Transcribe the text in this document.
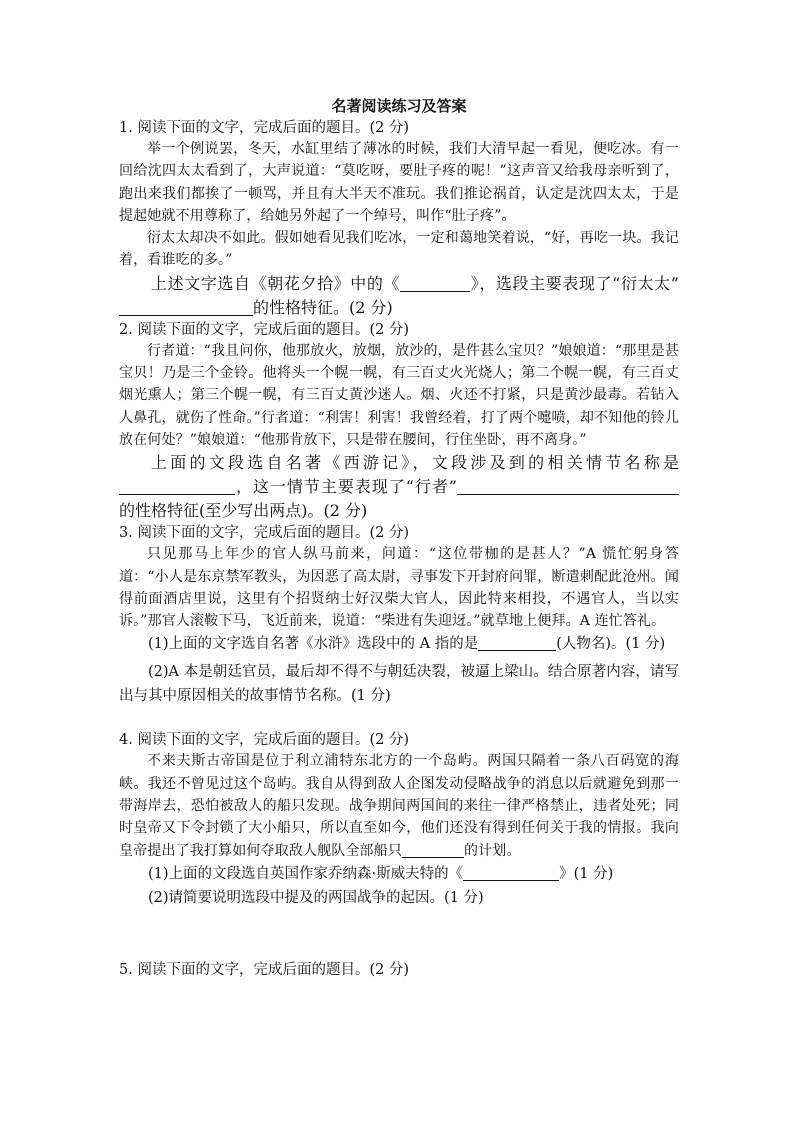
名著阅读练习及答案

1. 阅读下面的文字，完成后面的题目。(2 分)

举一个例说罢，冬天，水缸里结了薄冰的时候，我们大清早起一看见，便吃冰。有一回给沈四太太看到了，大声说道：“莫吃呀，要肚子疼的呢！”这声音又给我母亲听到了，跑出来我们都挨了一顿骂，并且有大半天不准玩。我们推论祸首，认定是沈四太太，于是提起她就不用尊称了，给她另外起了一个绰号，叫作“肚子疼”。

衍太太却决不如此。假如她看见我们吃冰，一定和蔼地笑着说，“好，再吃一块。我记着，看谁吃的多。”

上述文字选自《朝花夕拾》中的《	》，选段主要表现了“衍太太”的性格特征。(2 分)

2. 阅读下面的文字，完成后面的题目。(2 分)

行者道：“我且问你，他那放火，放烟，放沙的，是件甚么宝贝？”娘娘道：“那里是甚宝贝！乃是三个金铃。他将头一个幌一幌，有三百丈火光烧人；第二个幌一幌，有三百丈烟光熏人；第三个幌一幌，有三百丈黄沙迷人。烟、火还不打紧，只是黄沙最毒。若钻入人鼻孔，就伤了性命。”行者道：“利害！利害！我曾经着，打了两个嚏喷，却不知他的铃儿放在何处？”娘娘道：“他那肯放下，只是带在腰间，行住坐卧，再不离身。”

上面的文段选自名著《西游记》，文段涉及到的相关情节名称是，这一情节主要表现了“行者”的性格特征(至少写出两点)。(2 分)

3. 阅读下面的文字，完成后面的题目。(2 分)

只见那马上年少的官人纵马前来，问道：“这位带枷的是甚人？”A 慌忙躬身答道：“小人是东京禁军教头，为因恶了高太尉，寻事发下开封府问罪，断遣刺配此沧州。闻得前面酒店里说，这里有个招贤纳士好汉柴大官人，因此特来相投，不遇官人，当以实诉。”那官人滚鞍下马，飞近前来，说道：“柴进有失迎迓。”就草地上便拜。A 连忙答礼。

(1)上面的文字选自名著《水浒》选段中的 A 指的是	(人物名)。(1 分)

(2)A 本是朝廷官员，最后却不得不与朝廷决裂，被逼上梁山。结合原著内容，请写出与其中原因相关的故事情节名称。(1 分)

4. 阅读下面的文字，完成后面的题目。(2 分)

不来夫斯古帝国是位于利立浦特东北方的一个岛屿。两国只隔着一条八百码宽的海峡。我还不曾见过这个岛屿。我自从得到敌人企图发动侵略战争的消息以后就避免到那一带海岸去，恐怕被敌人的船只发现。战争期间两国间的来往一律严格禁止，违者处死；同时皇帝又下令封锁了大小船只，所以直至如今，他们还没有得到任何关于我的情报。我向皇帝提出了我打算如何夺取敌人舰队全部船只	的计划。

(1)上面的文段选自英国作家乔纳森·斯威夫特的《	》(1 分)

(2)请简要说明选段中提及的两国战争的起因。(1 分)

5. 阅读下面的文字，完成后面的题目。(2 分)
